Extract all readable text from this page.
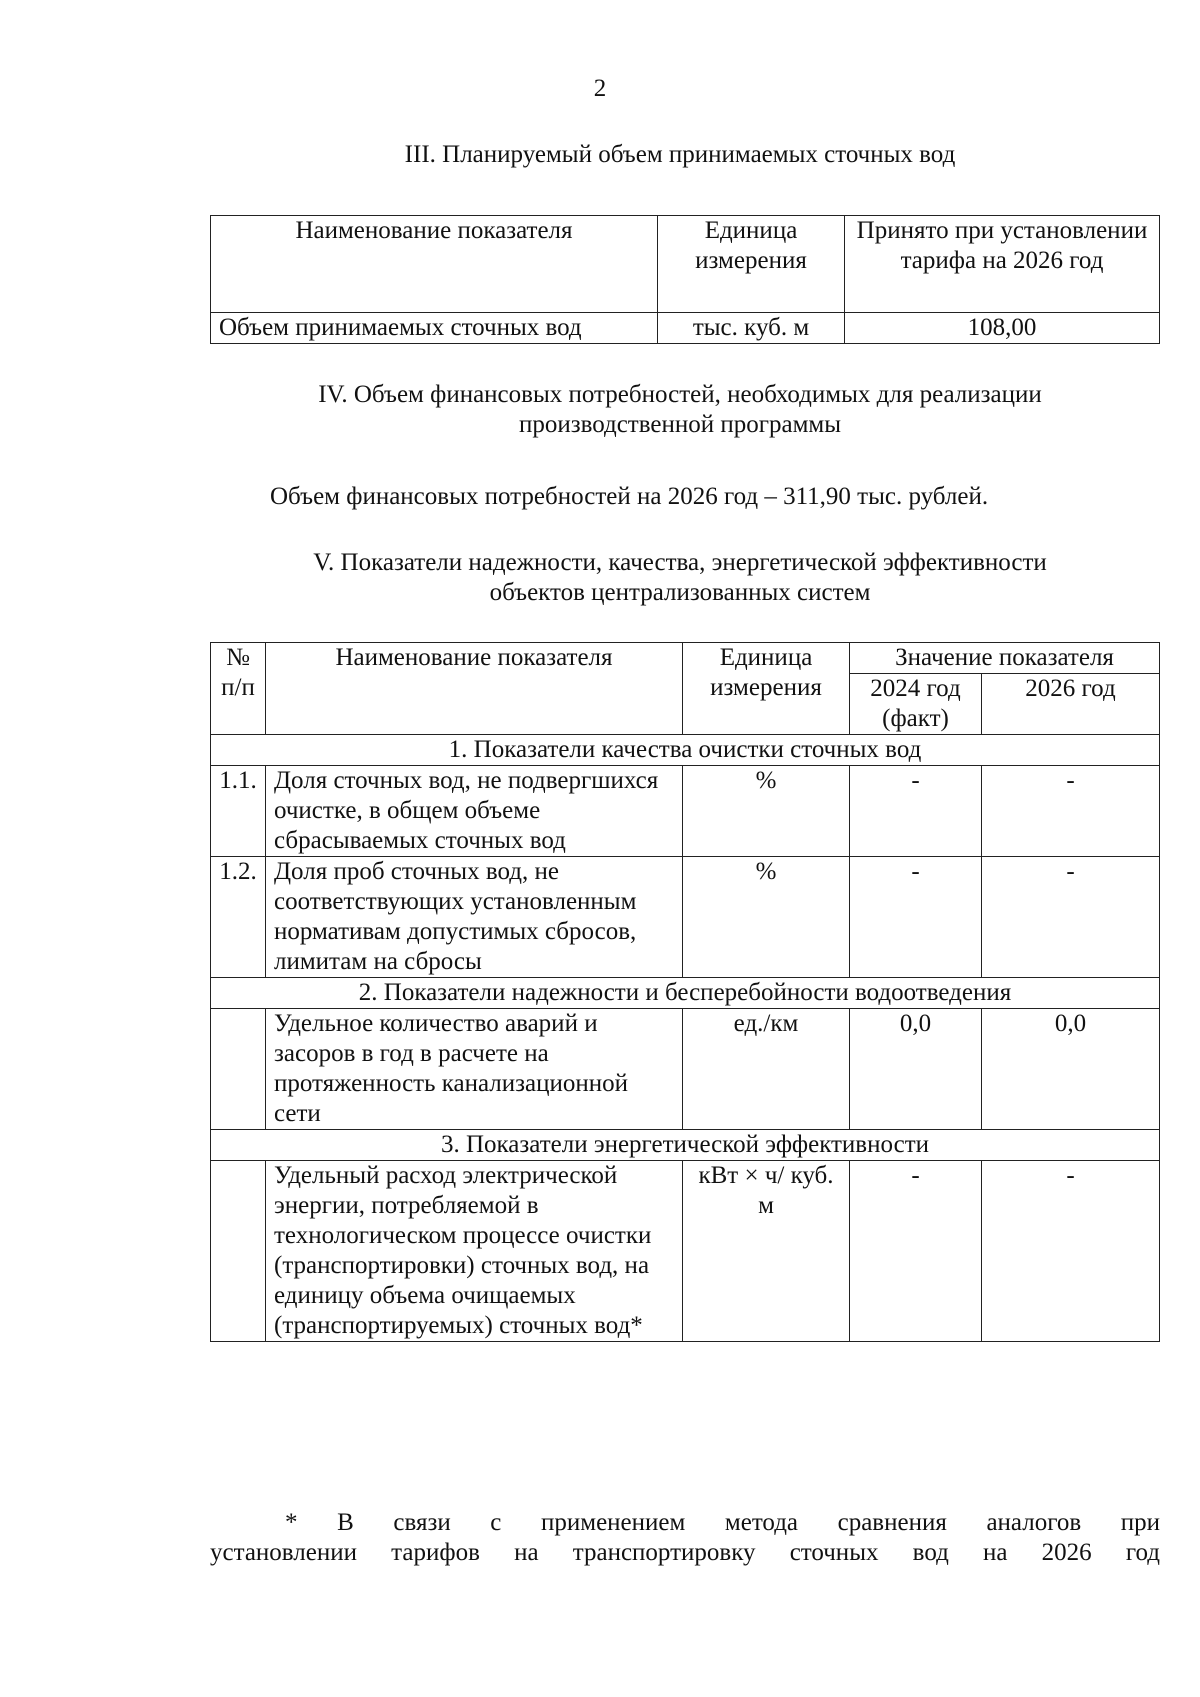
2
III. Планируемый объем принимаемых сточных вод
Наименование показателя	Единица измерения	Принято при установлении тарифа на 2026 год
Объем принимаемых сточных вод	тыс. куб. м	108,00
IV. Объем финансовых потребностей, необходимых для реализации
производственной программы
Объем финансовых потребностей на 2026 год – 311,90 тыс. рублей.
V. Показатели надежности, качества, энергетической эффективности
объектов централизованных систем
№ п/п	Наименование показателя	Единица измерения	Значение показателя	
			2024 год (факт)	2026 год
1. Показатели качества очистки сточных вод				
1.1.	Доля сточных вод, не подвергшихся очистке, в общем объеме сбрасываемых сточных вод	%	-	-
1.2.	Доля проб сточных вод, не соответствующих установленным нормативам допустимых сбросов, лимитам на сбросы	%	-	-
2. Показатели надежности и бесперебойности водоотведения				
	Удельное количество аварий и засоров в год в расчете на протяженность канализационной сети	ед./км	0,0	0,0
3. Показатели энергетической эффективности				
	Удельный расход электрической энергии, потребляемой в технологическом процессе очистки (транспортировки) сточных вод, на единицу объема очищаемых (транспортируемых) сточных вод*	кВт × ч/ куб. м	-	-
* В связи с применением метода сравнения аналогов при
установлении тарифов на транспортировку сточных вод на 2026 год
